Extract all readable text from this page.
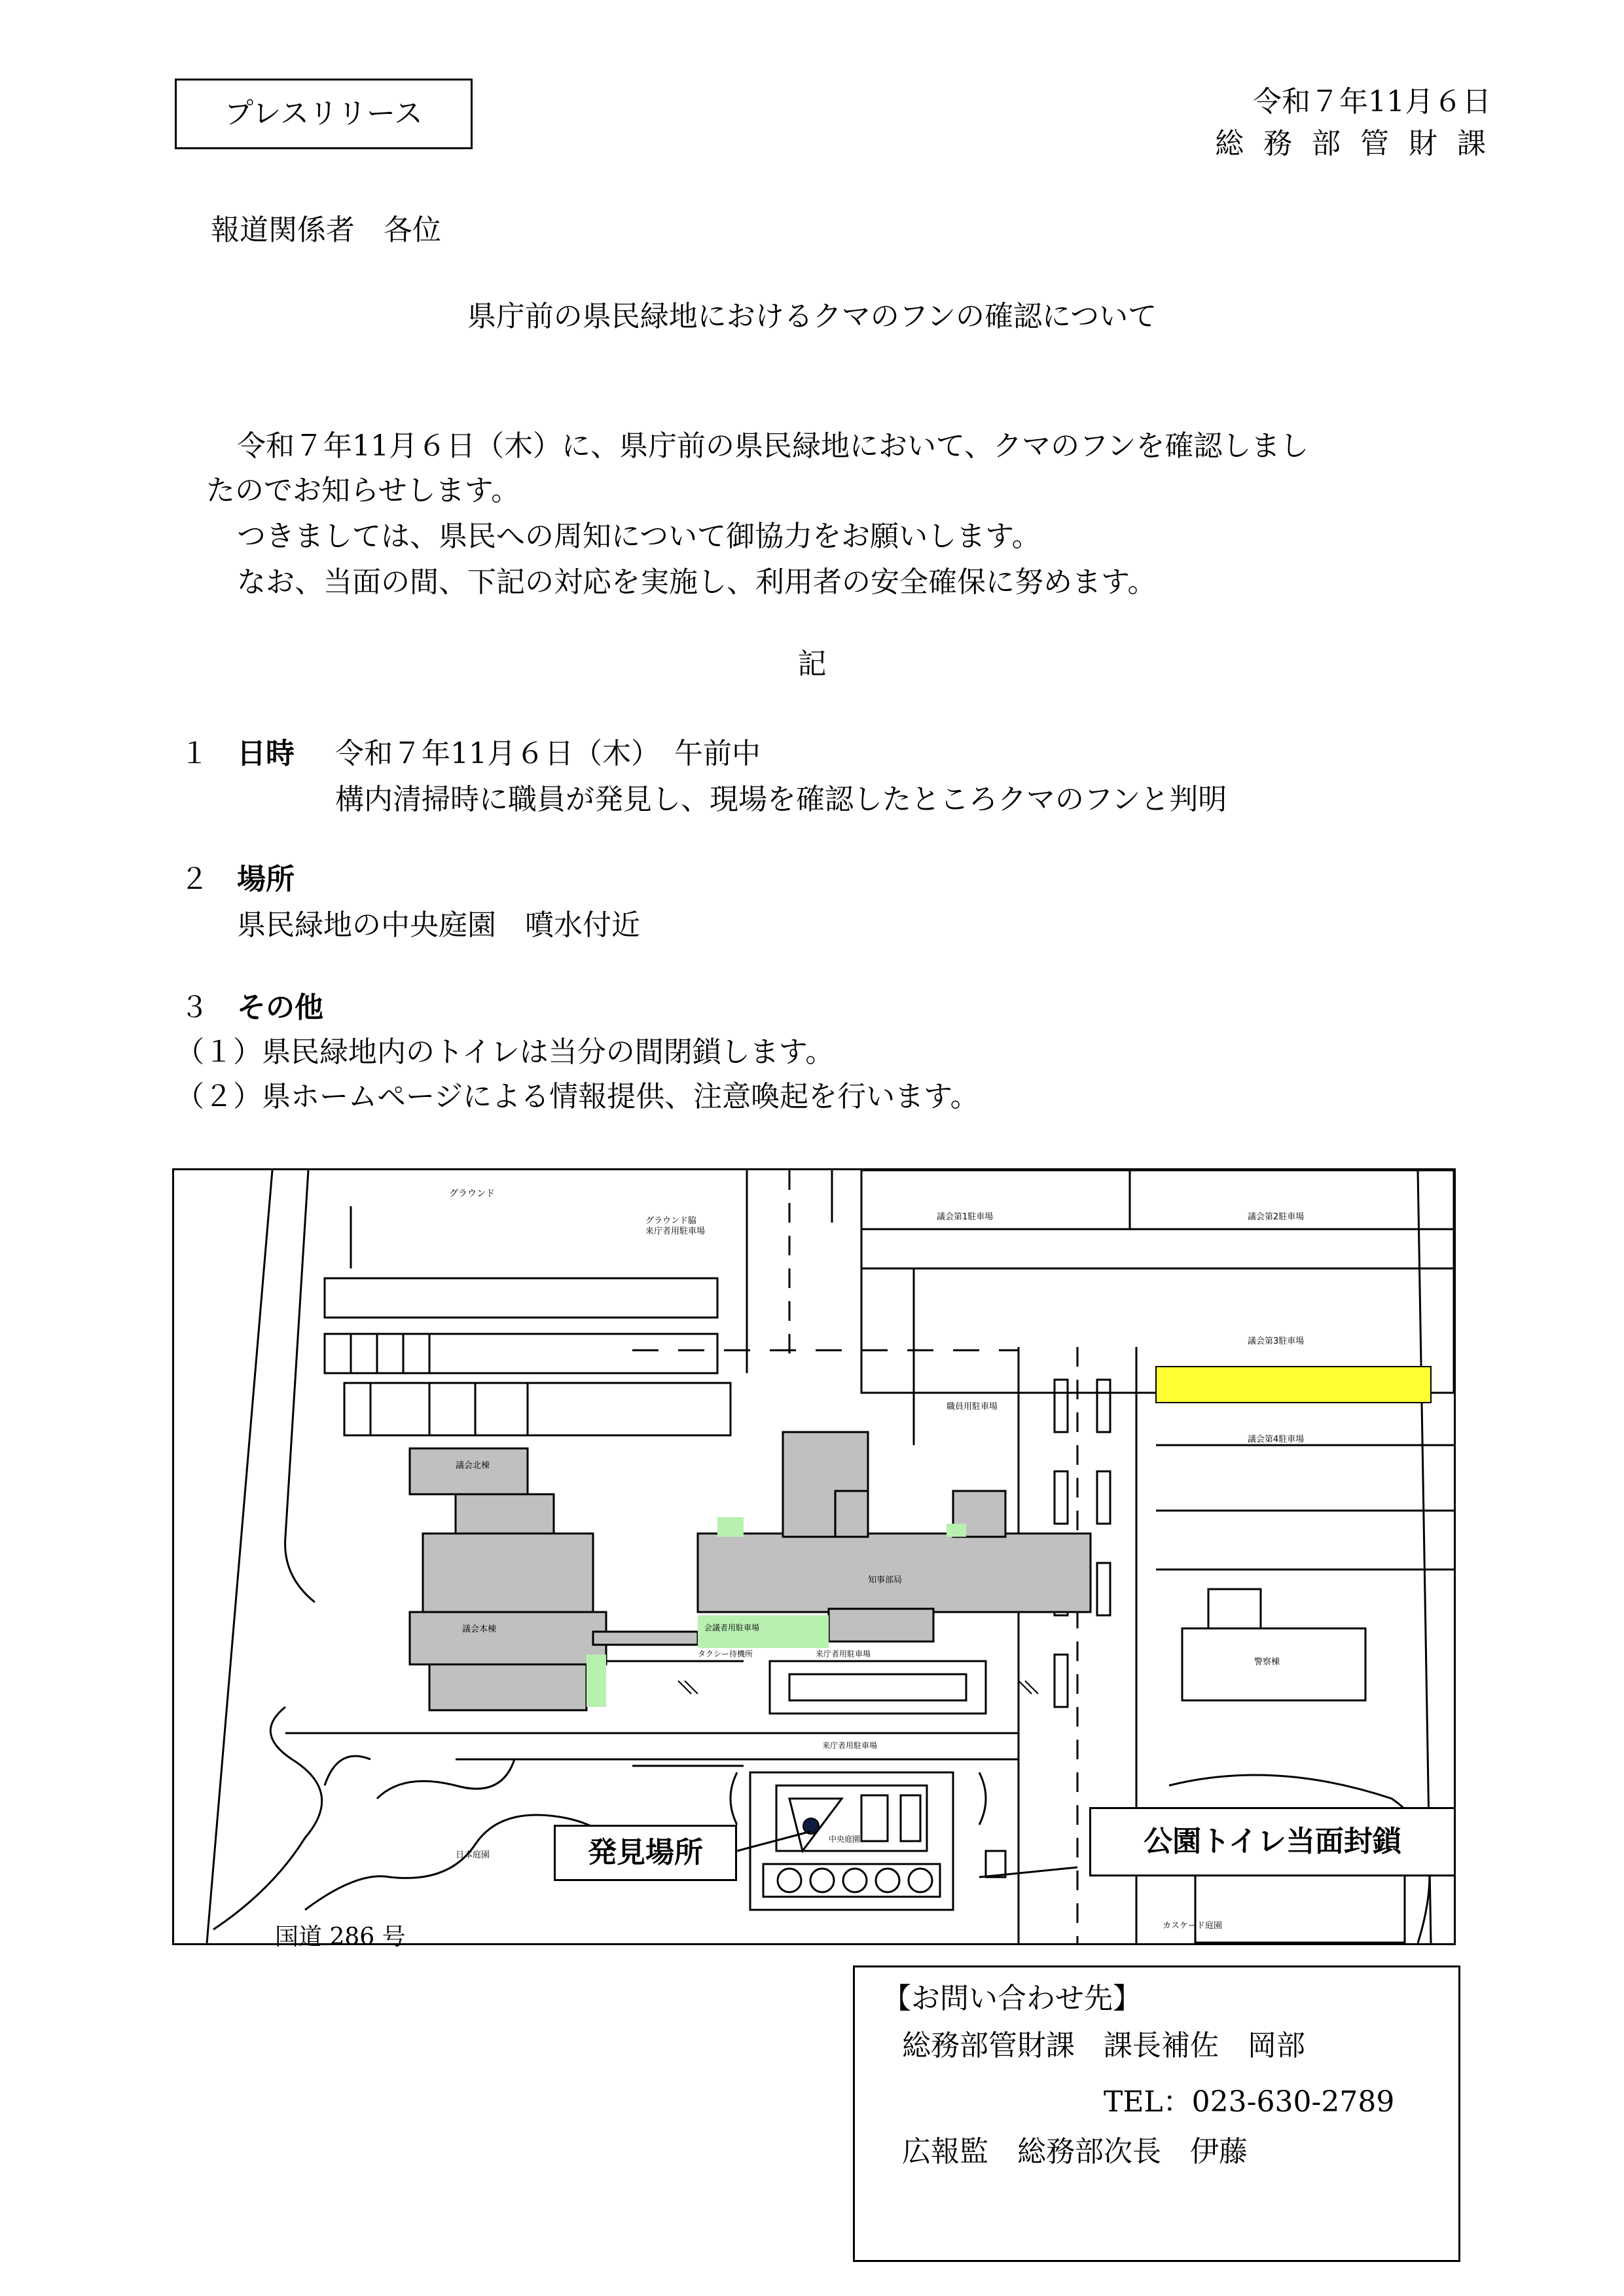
プレスリリース	令和７年11月６日
総 務 部 管 財 課
報道関係者　各位
県庁前の県民緑地におけるクマのフンの確認について
令和７年11月６日（木）に、県庁前の県民緑地において、クマのフンを確認しまし
たのでお知らせします。
つきましては、県民への周知について御協力をお願いします。
なお、当面の間、下記の対応を実施し、利用者の安全確保に努めます。
記
１ 日時 令和７年11月６日（木）　午前中
構内清掃時に職員が発見し、現場を確認したところクマのフンと判明
２ 場所
県民緑地の中央庭園　噴水付近
３ その他
（１）県民緑地内のトイレは当分の間閉鎖します。
（２）県ホームページによる情報提供、注意喚起を行います。
グラウンド
グラウンド脇
来庁者用駐車場
議会第1駐車場	議会第2駐車場
議会第3駐車場
議会第4駐車場
職員用駐車場
議会北棟
議会本棟
知事部局
会議者用駐車場
タクシー待機所	来庁者用駐車場
来庁者用駐車場
警察棟
日本庭園
中央庭園
カスケード庭園
発見場所	公園トイレ当面封鎖
国道 286 号
【お問い合わせ先】
総務部管財課　課長補佐　岡部
TEL：023-630-2789
広報監　総務部次長　伊藤
